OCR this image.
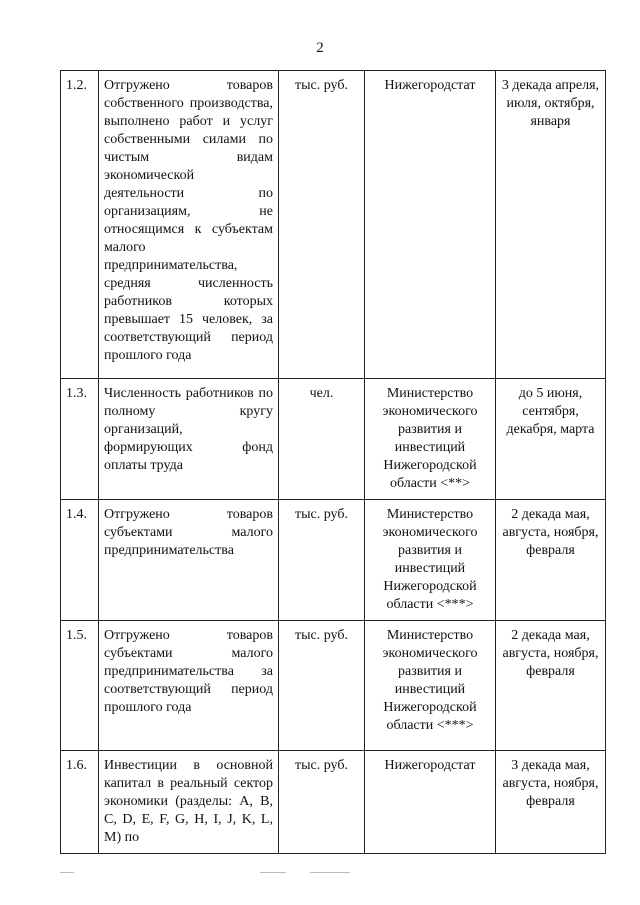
2
1.2.	Отгружено товаров собственного производства, выполнено работ и услуг собственными силами по чистым видам экономической деятельности по организациям, не относящимся к субъектам малого предпринимательства, средняя численность работников которых превышает 15 человек, за соответствующий период прошлого года	тыс. руб.	Нижегородстат	3 декада апреля, июля, октября, января
1.3.	Численность работников по полному кругу организаций, формирующих фонд оплаты труда	чел.	Министерство экономического развития и инвестиций Нижегородской области <**>	до 5 июня, сентября, декабря, марта
1.4.	Отгружено товаров субъектами малого предпринимательства	тыс. руб.	Министерство экономического развития и инвестиций Нижегородской области <***>	2 декада мая, августа, ноября, февраля
1.5.	Отгружено товаров субъектами малого предпринимательства за соответствующий период прошлого года	тыс. руб.	Министерство экономического развития и инвестиций Нижегородской области <***>	2 декада мая, августа, ноября, февраля
1.6.	Инвестиции в основной капитал в реальный сектор экономики (разделы: A, B, C, D, E, F, G, H, I, J, K, L, M) по	тыс. руб.	Нижегородстат	3 декада мая, августа, ноября, февраля
